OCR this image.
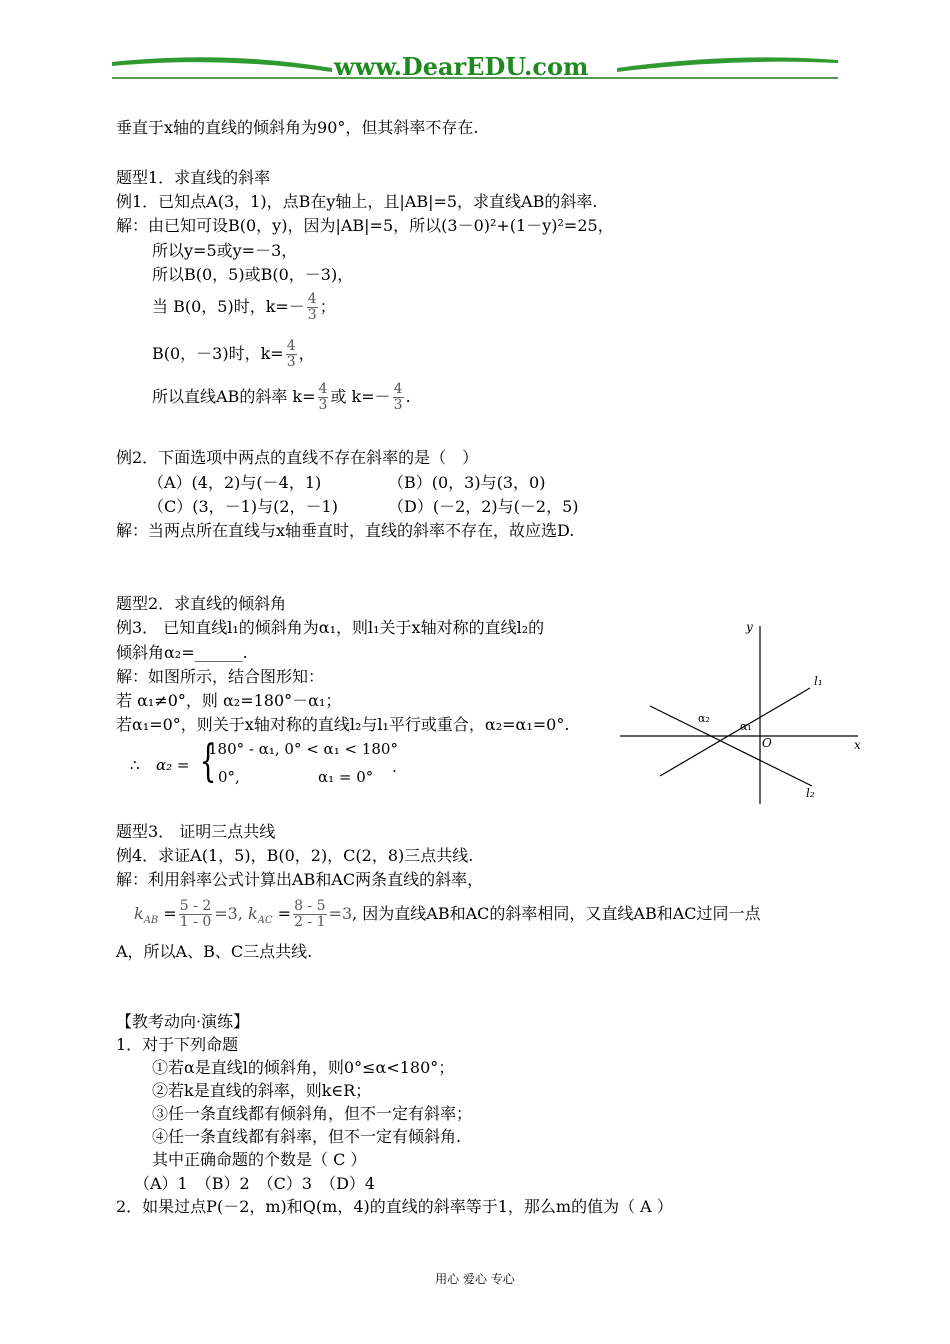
www.DearEDU.com
垂直于x轴的直线的倾斜角为90°，但其斜率不存在.
题型1．求直线的斜率
例1．已知点A(3，1)，点B在y轴上，且|AB|=5，求直线AB的斜率.
解：由已知可设B(0，y)，因为|AB|=5，所以(3－0)²+(1－y)²=25，
所以y=5或y=－3，
所以B(0，5)或B(0，－3)，
当 B(0，5)时，$k=- \frac{4}{3}$ ；
B(0，－3)时，$k= \frac{4}{3}$ ，
所以直线AB的斜率 $k= \frac{4}{3}$ 或 $k=- \frac{4}{3}$ .
例2．下面选项中两点的直线不存在斜率的是（　）
（A）(4，2)与(－4，1)	（B）(0，3)与(3，0)
（C）(3，－1)与(2，－1)	（D）(－2，2)与(－2，5)
解：当两点所在直线与x轴垂直时，直线的斜率不存在，故应选D.
题型2．求直线的倾斜角
例3． 已知直线l₁的倾斜角为α₁，则l₁关于x轴对称的直线l₂的
倾斜角α₂=______.
解：如图所示，结合图形知：
若 α₁≠0°，则 α₂=180°－α₁；
若α₁=0°，则关于x轴对称的直线l₂与l₁平行或重合，α₂=α₁=0°.
∴ α₂ = {
180° - α₁, 0° < α₁ < 180°
0°,	α₁ = 0°
.
y
x
O
l₁
l₂
α₁
α₂
题型3． 证明三点共线
例4．求证A(1，5)，B(0，2)，C(2，8)三点共线.
解：利用斜率公式计算出AB和AC两条直线的斜率，
$k_{AB} = \frac{5 - 2}{1 - 0} =3$, $k_{AC} = \frac{8 - 5}{2 - 1} =3$, 因为直线AB和AC的斜率相同，又直线AB和AC过同一点
A，所以A、B、C三点共线.
【教考动向·演练】
1．对于下列命题
①若α是直线l的倾斜角，则0°≤α<180°；
②若k是直线的斜率，则k∈R；
③任一条直线都有倾斜角，但不一定有斜率；
④任一条直线都有斜率，但不一定有倾斜角.
其中正确命题的个数是（ C ）
（A）1　（B）2　（C）3　（D）4
2．如果过点P(－2，m)和Q(m，4)的直线的斜率等于1，那么m的值为（ A ）
用心 爱心 专心
